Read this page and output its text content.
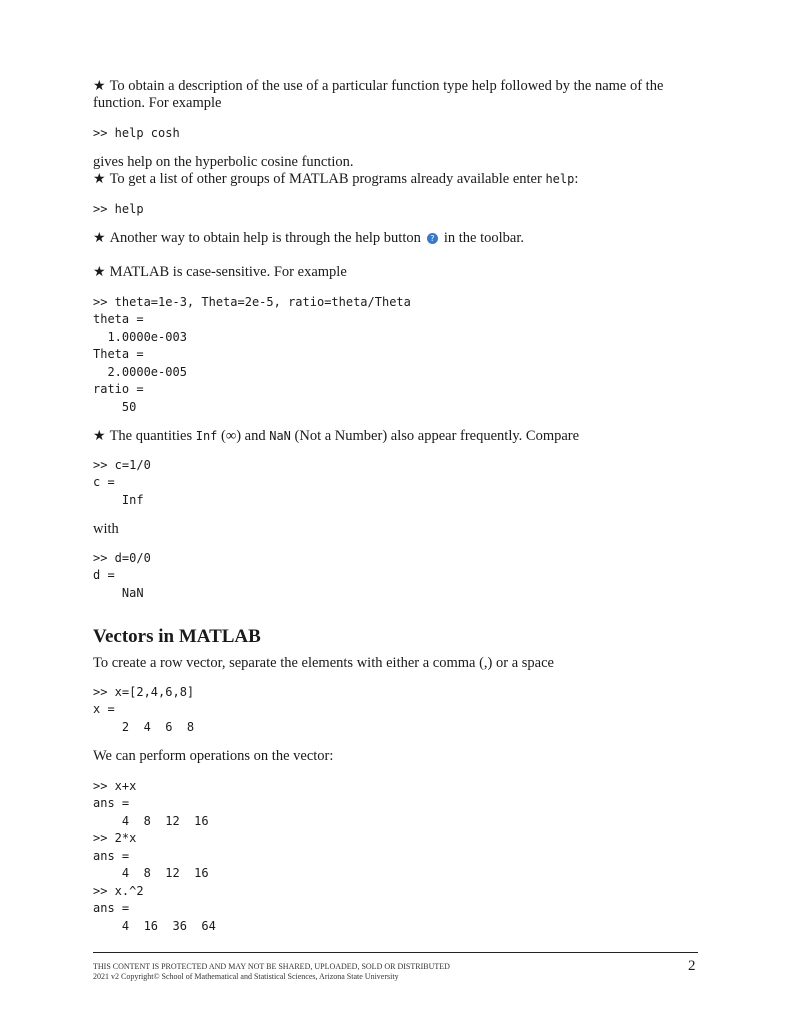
★ To obtain a description of the use of a particular function type help followed by the name of the
function. For example
>> help cosh
gives help on the hyperbolic cosine function.
★ To get a list of other groups of MATLAB programs already available enter help:
>> help
★ Another way to obtain help is through the help button ? in the toolbar.
★ MATLAB is case-sensitive. For example
>> theta=1e-3, Theta=2e-5, ratio=theta/Theta
theta =
1.0000e-003
Theta =
2.0000e-005
ratio =
50
★ The quantities Inf (∞) and NaN (Not a Number) also appear frequently. Compare
>> c=1/0
c =
Inf
with
>> d=0/0
d =
NaN
Vectors in MATLAB
To create a row vector, separate the elements with either a comma (,) or a space
>> x=[2,4,6,8]
x =
2  4  6  8
We can perform operations on the vector:
>> x+x
ans =
4  8  12  16
>> 2*x
ans =
4  8  12  16
>> x.^2
ans =
4  16  36  64
THIS CONTENT IS PROTECTED AND MAY NOT BE SHARED, UPLOADED, SOLD OR DISTRIBUTED
2021 v2 Copyright© School of Mathematical and Statistical Sciences, Arizona State University
2
